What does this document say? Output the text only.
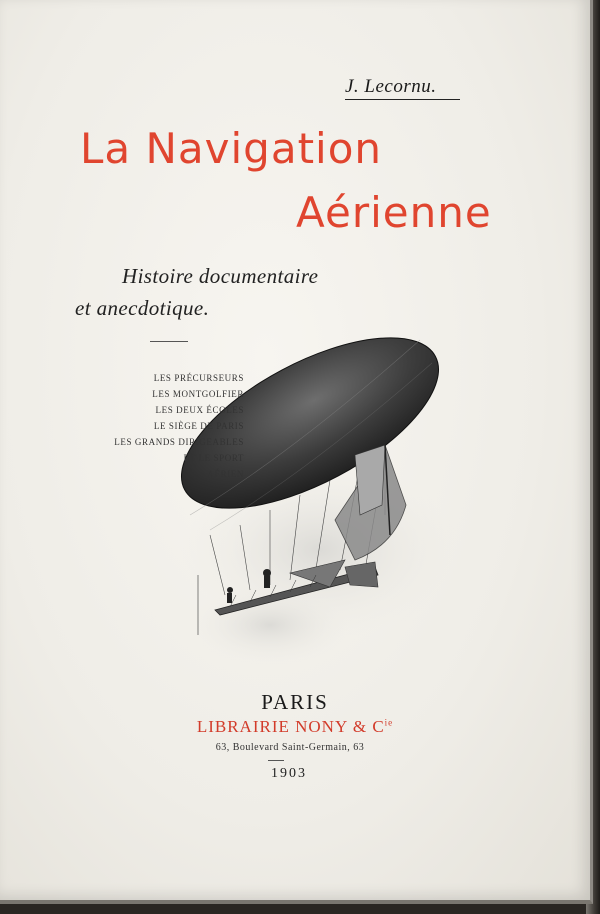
J. Lecornu.
La Navigation
Aérienne
Histoire documentaire
et anecdotique.
LES PRÉCURSEURS
LES MONTGOLFIER
LES DEUX ÉCOLES
LE SIÈGE DE PARIS
LES GRANDS DIRIGEABLES
ET LE SPORT
AÉRIEN
PARIS
LIBRAIRIE NONY & $C^{ie}$
63, Boulevard Saint-Germain, 63
1903
